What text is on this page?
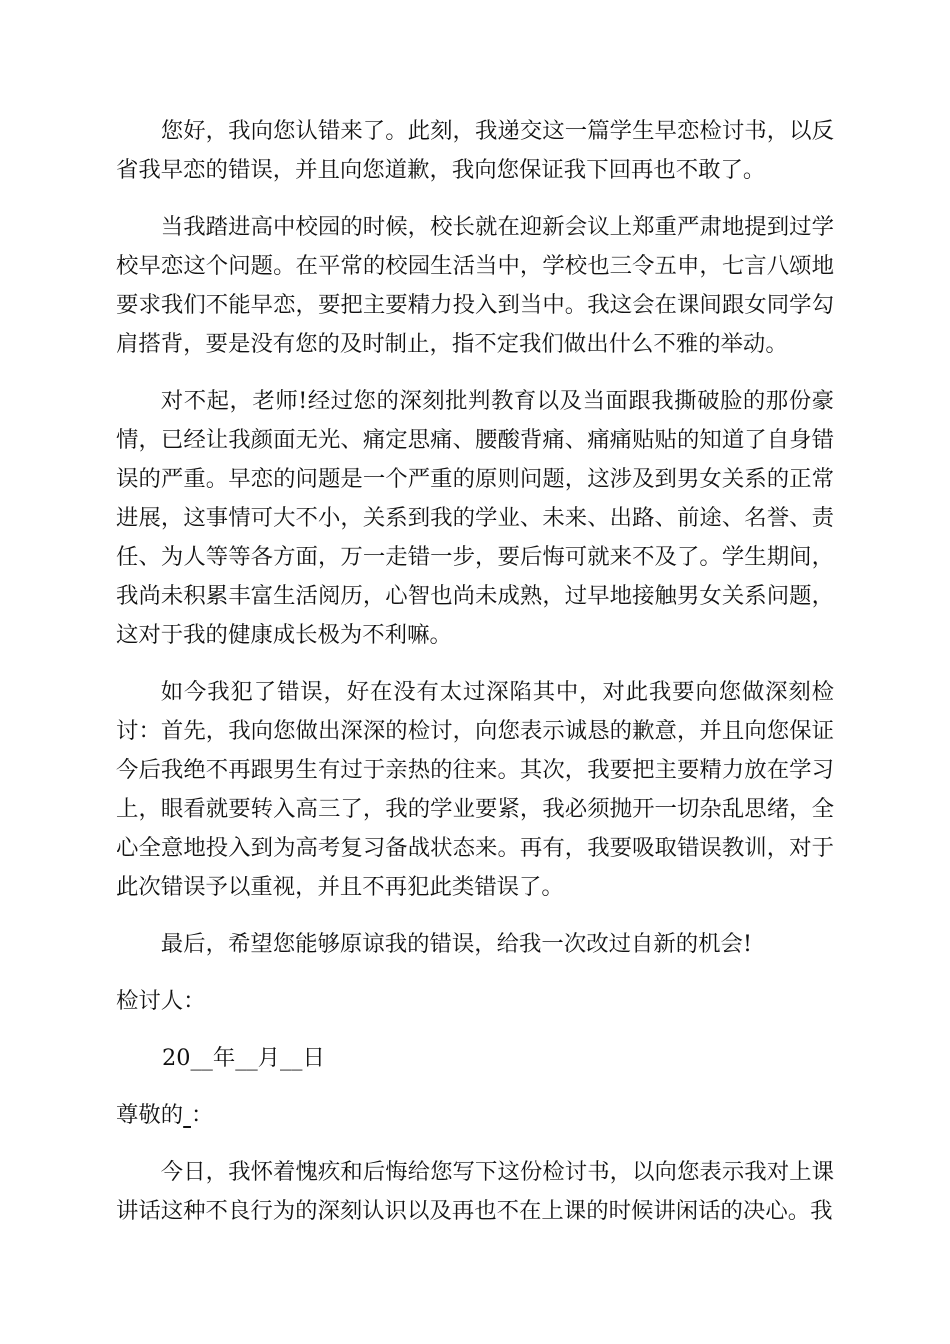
您好，我向您认错来了。此刻，我递交这一篇学生早恋检讨书，以反省我早恋的错误，并且向您道歉，我向您保证我下回再也不敢了。

当我踏进高中校园的时候，校长就在迎新会议上郑重严肃地提到过学校早恋这个问题。在平常的校园生活当中，学校也三令五申，七言八颂地要求我们不能早恋，要把主要精力投入到当中。我这会在课间跟女同学勾肩搭背，要是没有您的及时制止，指不定我们做出什么不雅的举动。

对不起，老师!经过您的深刻批判教育以及当面跟我撕破脸的那份豪情，已经让我颜面无光、痛定思痛、腰酸背痛、痛痛贴贴的知道了自身错误的严重。早恋的问题是一个严重的原则问题，这涉及到男女关系的正常进展，这事情可大不小，关系到我的学业、未来、出路、前途、名誉、责任、为人等等各方面，万一走错一步，要后悔可就来不及了。学生期间，我尚未积累丰富生活阅历，心智也尚未成熟，过早地接触男女关系问题，这对于我的健康成长极为不利嘛。

如今我犯了错误，好在没有太过深陷其中，对此我要向您做深刻检讨：首先，我向您做出深深的检讨，向您表示诚恳的歉意，并且向您保证今后我绝不再跟男生有过于亲热的往来。其次，我要把主要精力放在学习上，眼看就要转入高三了，我的学业要紧，我必须抛开一切杂乱思绪，全心全意地投入到为高考复习备战状态来。再有，我要吸取错误教训，对于此次错误予以重视，并且不再犯此类错误了。

最后，希望您能够原谅我的错误，给我一次改过自新的机会!

检讨人：
20__年__月__日
尊敬的 ：

今日，我怀着愧疚和后悔给您写下这份检讨书，以向您表示我对上课讲话这种不良行为的深刻认识以及再也不在上课的时候讲闲话的决心。我
